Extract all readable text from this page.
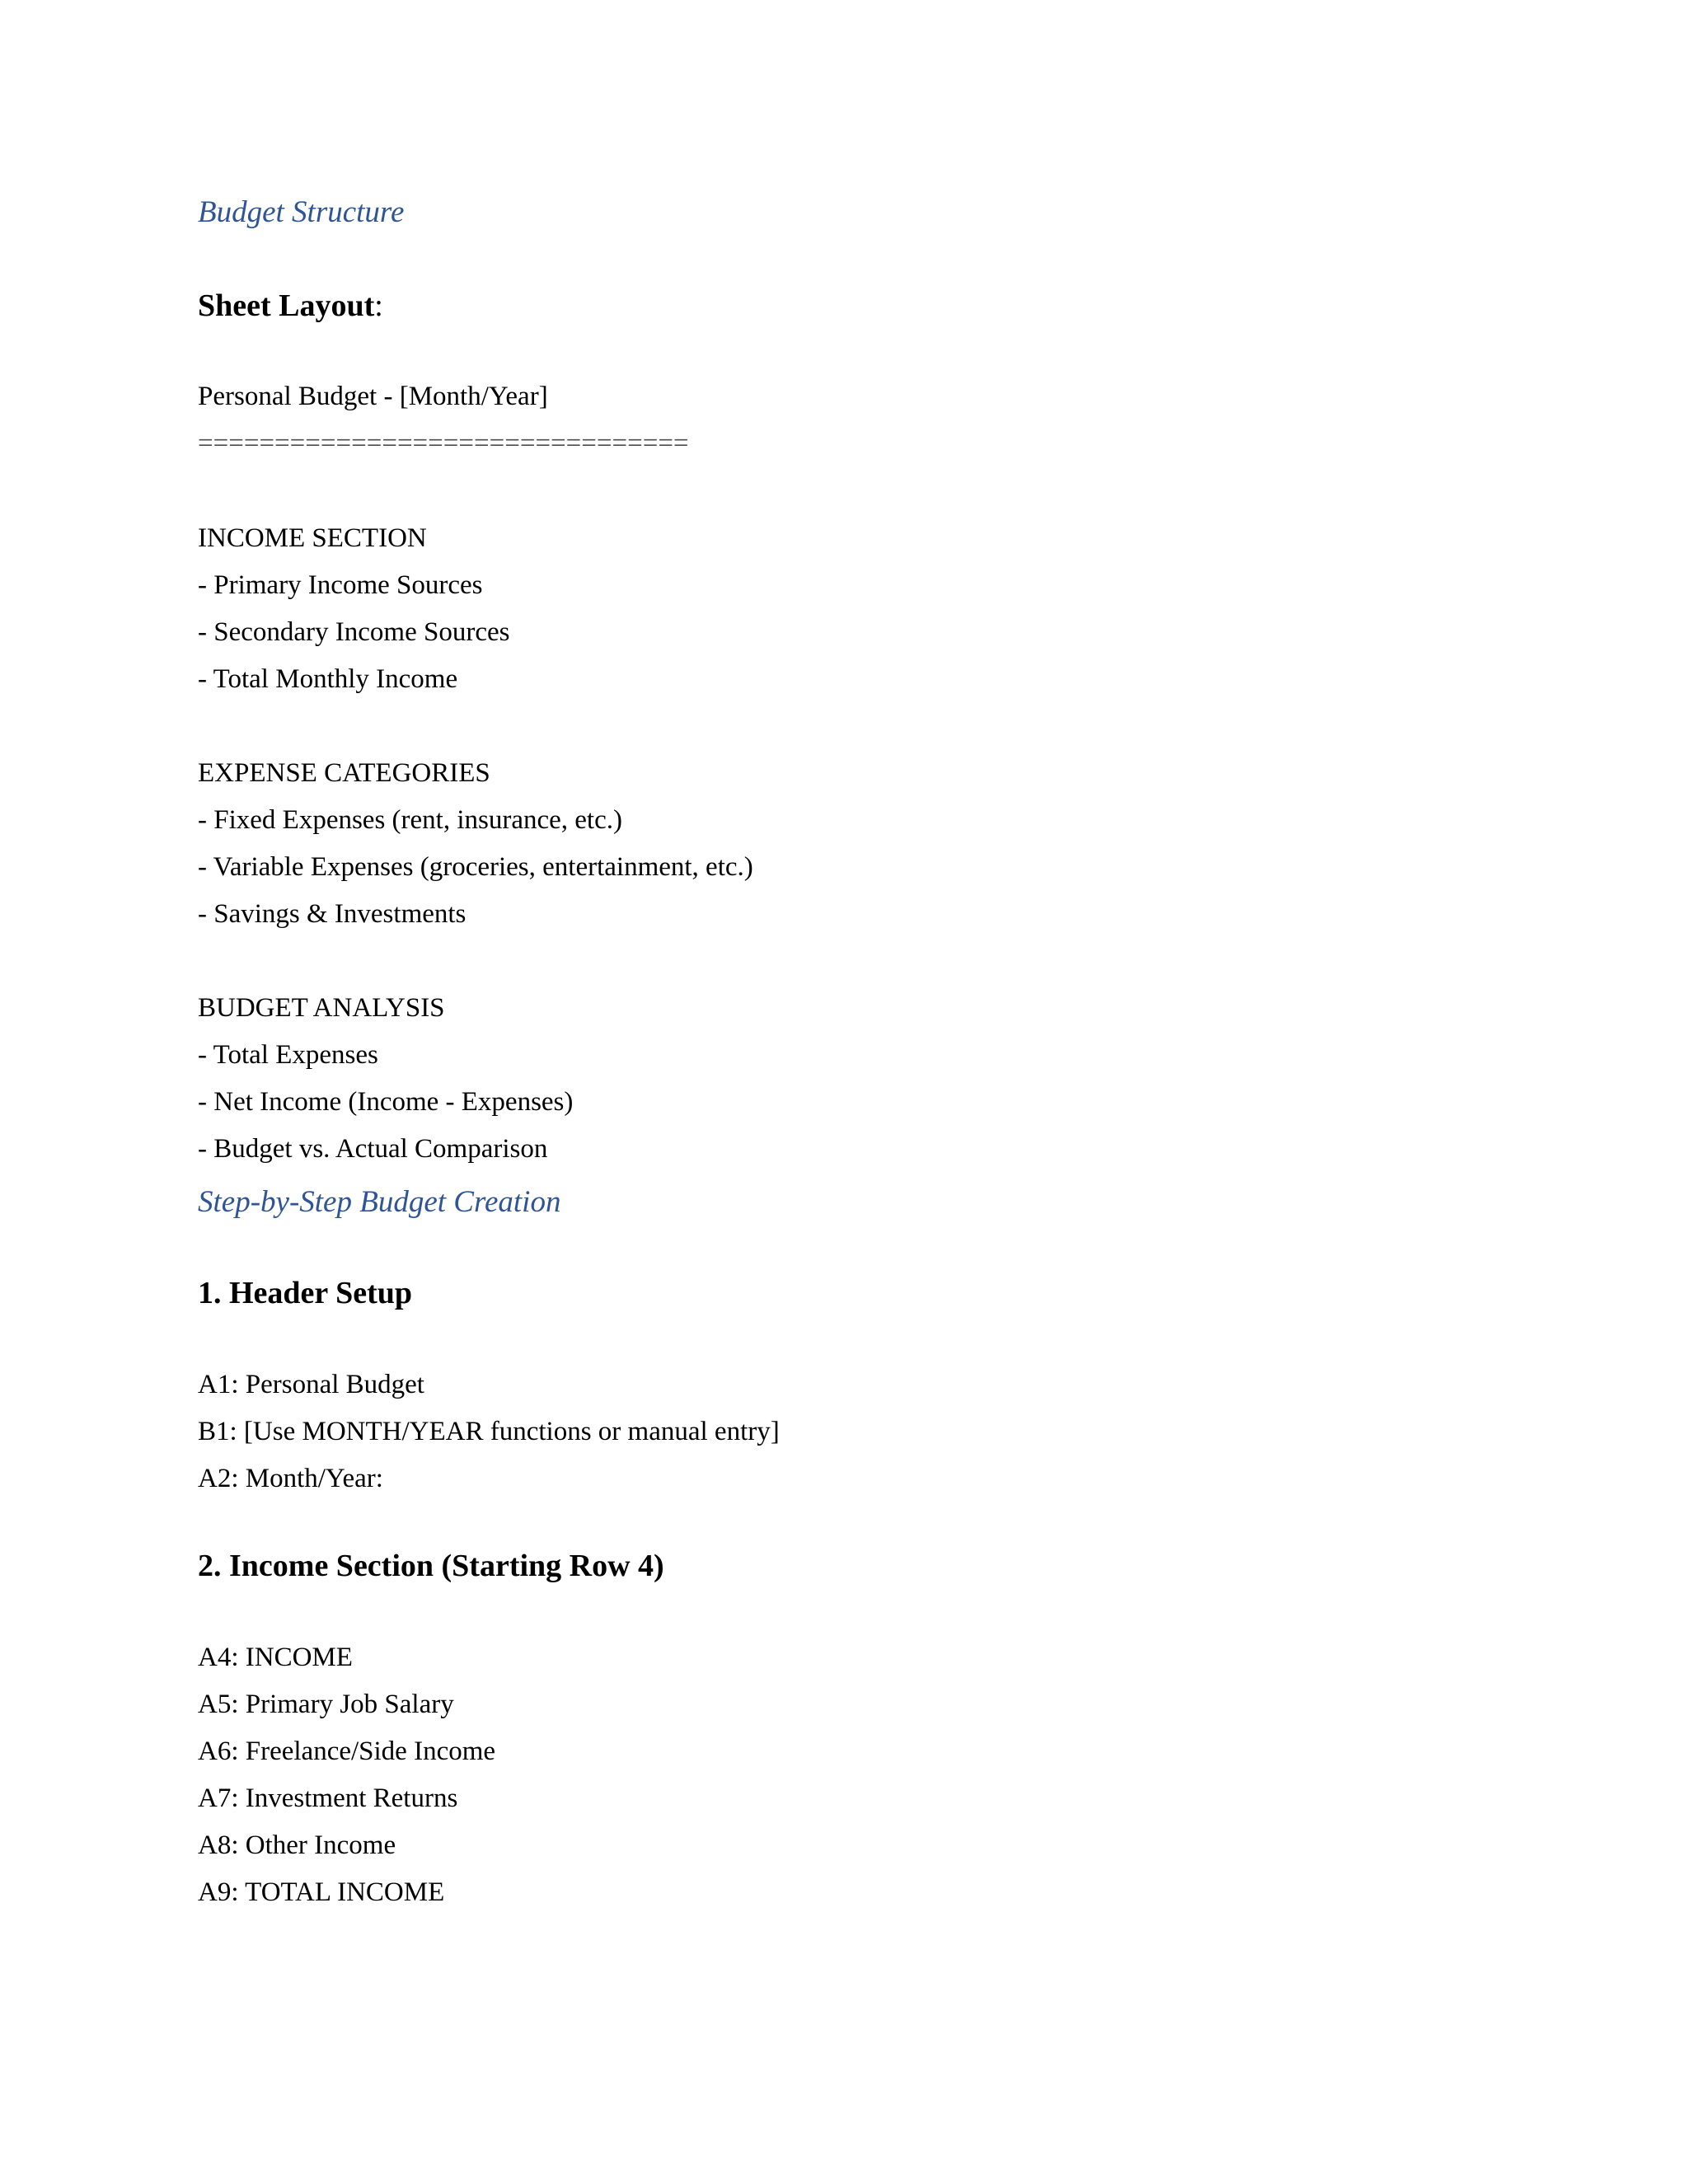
Budget Structure
Sheet Layout:
Personal Budget - [Month/Year]
================================
INCOME SECTION
- Primary Income Sources
- Secondary Income Sources
- Total Monthly Income
EXPENSE CATEGORIES
- Fixed Expenses (rent, insurance, etc.)
- Variable Expenses (groceries, entertainment, etc.)
- Savings & Investments
BUDGET ANALYSIS
- Total Expenses
- Net Income (Income - Expenses)
- Budget vs. Actual Comparison
Step-by-Step Budget Creation
1. Header Setup
A1: Personal Budget
B1: [Use MONTH/YEAR functions or manual entry]
A2: Month/Year:
2. Income Section (Starting Row 4)
A4: INCOME
A5: Primary Job Salary
A6: Freelance/Side Income
A7: Investment Returns
A8: Other Income
A9: TOTAL INCOME
